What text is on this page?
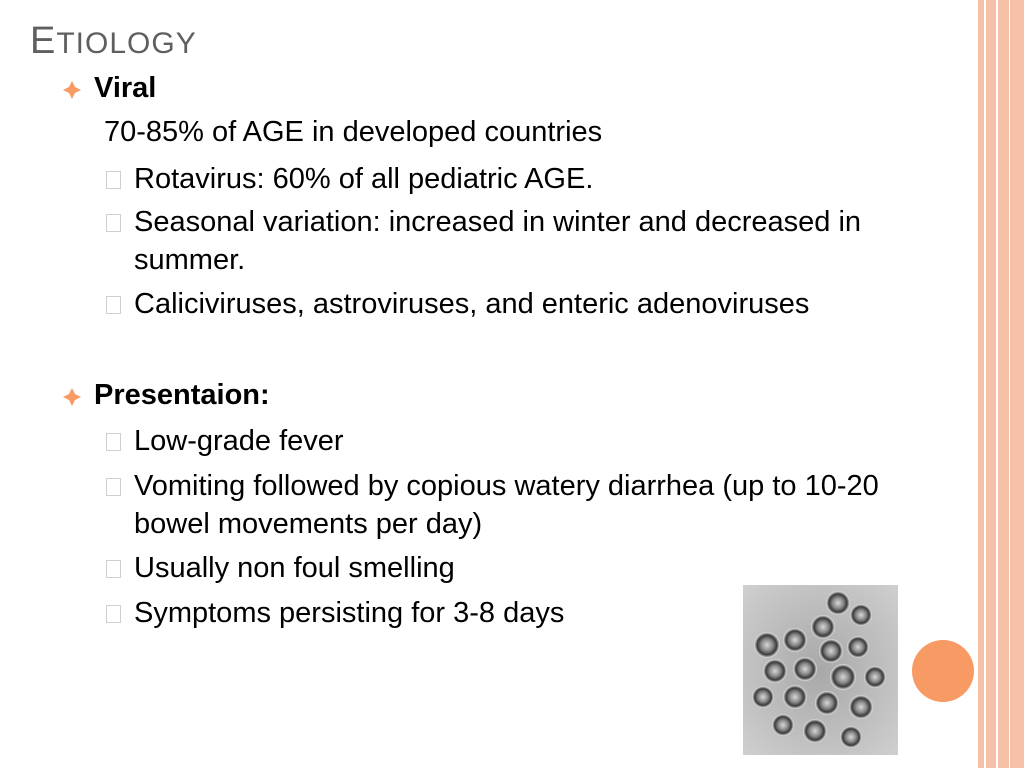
ETIOLOGY
Viral
70-85% of AGE in developed countries
Rotavirus: 60% of all pediatric AGE.
Seasonal variation: increased in winter and decreased in summer.
Caliciviruses, astroviruses, and enteric adenoviruses
Presentaion:
Low-grade fever
Vomiting followed by copious watery diarrhea (up to 10-20 bowel movements per day)
Usually non foul smelling
Symptoms persisting for 3-8 days
